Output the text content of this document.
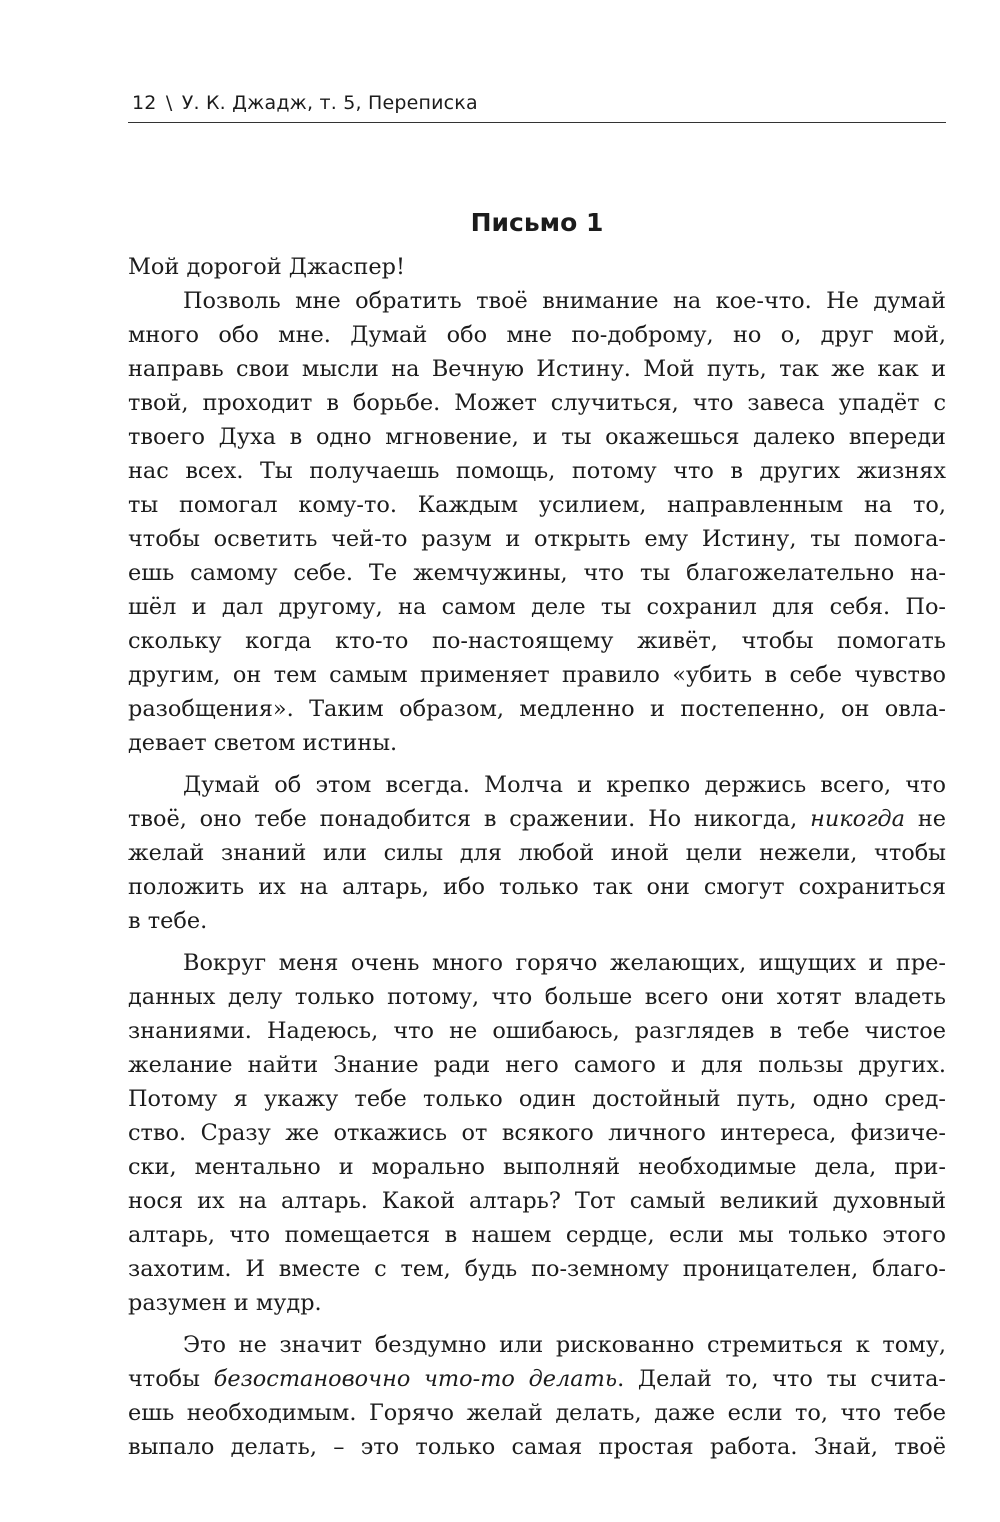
12 \ У. К. Джадж, т. 5, Переписка
Письмо 1

Мой дорогой Джаспер!

Позволь мне обратить твоё внимание на кое-что. Не думай
много обо мне. Думай обо мне по-доброму, но о, друг мой,
направь свои мысли на Вечную Истину. Мой путь, так же как и
твой, проходит в борьбе. Может случиться, что завеса упадёт с
твоего Духа в одно мгновение, и ты окажешься далеко впереди
нас всех. Ты получаешь помощь, потому что в других жизнях
ты помогал кому-то. Каждым усилием, направленным на то,
чтобы осветить чей-то разум и открыть ему Истину, ты помога-
ешь самому себе. Те жемчужины, что ты благожелательно на-
шёл и дал другому, на самом деле ты сохранил для себя. По-
скольку когда кто-то по-настоящему живёт, чтобы помогать
другим, он тем самым применяет правило «убить в себе чувство
разобщения». Таким образом, медленно и постепенно, он овла-
девает светом истины.
Думай об этом всегда. Молча и крепко держись всего, что
твоё, оно тебе понадобится в сражении. Но никогда, никогда не
желай знаний или силы для любой иной цели нежели, чтобы
положить их на алтарь, ибо только так они смогут сохраниться
в тебе.
Вокруг меня очень много горячо желающих, ищущих и пре-
данных делу только потому, что больше всего они хотят владеть
знаниями. Надеюсь, что не ошибаюсь, разглядев в тебе чистое
желание найти Знание ради него самого и для пользы других.
Потому я укажу тебе только один достойный путь, одно сред-
ство. Сразу же откажись от всякого личного интереса, физиче-
ски, ментально и морально выполняй необходимые дела, при-
нося их на алтарь. Какой алтарь? Тот самый великий духовный
алтарь, что помещается в нашем сердце, если мы только этого
захотим. И вместе с тем, будь по-земному проницателен, благо-
разумен и мудр.
Это не значит бездумно или рискованно стремиться к тому,
чтобы безостановочно что-то делать. Делай то, что ты счита-
ешь необходимым. Горячо желай делать, даже если то, что тебе
выпало делать, – это только самая простая работа. Знай, твоё
